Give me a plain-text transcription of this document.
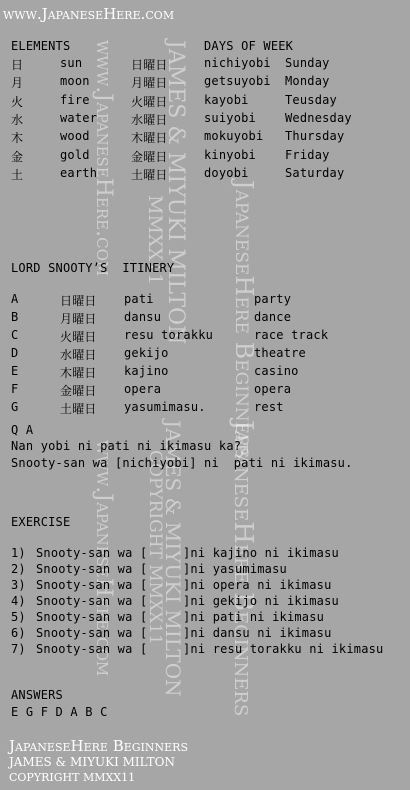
www.JapaneseHere.com JAMES & MIYUKI MILTON
MMXX11	JapaneseHere Beginners
www.JapaneseHere.com JAMES & MIYUKI MILTON
COPYRIGHT MMXX11 JapaneseHere Beginners
www.JapaneseHere.com
ELEMENTS	DAYS OF WEEK
日	sun	日曜日	nichiyobi Sunday
月	moon	月曜日	getsuyobi Monday
火	fire	火曜日	kayobi	Teusday
水	water	水曜日	suiyobi Wednesday
木	wood	木曜日	mokuyobi Thursday
金	gold	金曜日	kinyobi Friday
土	earth	土曜日	doyobi	Saturday
LORD SNOOTY’S  ITINERY
A	日曜日 pati	party
B	月曜日 dansu	dance
C	火曜日 resu torakku	race track
D	水曜日 gekijo	theatre
E	木曜日 kajino	casino
F	金曜日 opera	opera
G	土曜日 yasumimasu.	rest
Q A
Nan yobi ni pati ni ikimasu ka?
Snooty-san wa [nichiyobi] ni  pati ni ikimasu.
EXERCISE
1) Snooty-san wa [	]ni kajino ni ikimasu
2) Snooty-san wa [	]ni yasumimasu
3) Snooty-san wa [	]ni opera ni ikimasu
4) Snooty-san wa [	]ni gekijo ni ikimasu
5) Snooty-san wa [	]ni pati ni ikimasu
6) Snooty-san wa [	]ni dansu ni ikimasu
7) Snooty-san wa [	]ni resu torakku ni ikimasu
ANSWERS
E G F D A B C
JapaneseHere Beginners
JAMES & MIYUKI MILTON
COPYRIGHT MMXX11
